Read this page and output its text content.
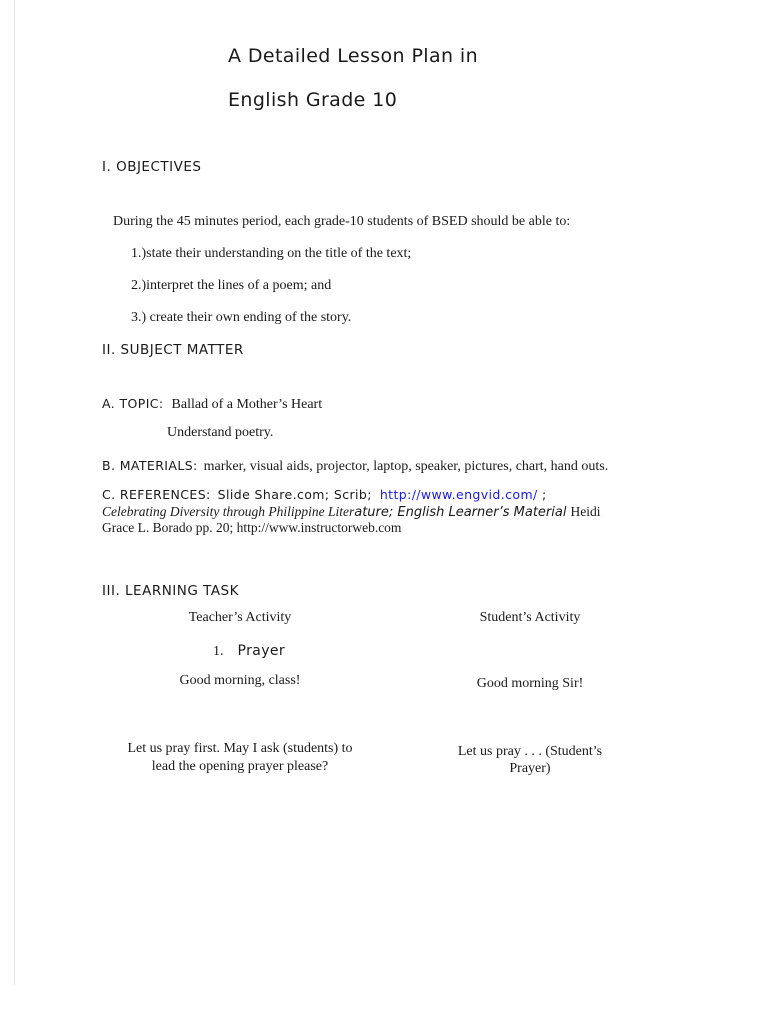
A Detailed Lesson Plan in
English Grade 10
I. OBJECTIVES
During the 45 minutes period, each grade-10 students of BSED should be able to:
1.)state their understanding on the title of the text;
2.)interpret the lines of a poem; and
3.) create their own ending of the story.
II. SUBJECT MATTER
A. TOPIC: Ballad of a Mother’s Heart
Understand poetry.
B. MATERIALS: marker, visual aids, projector, laptop, speaker, pictures, chart, hand outs.
C. REFERENCES: Slide Share.com; Scrib; http://www.engvid.com/ ;
Celebrating Diversity through Philippine Literature; English Learner’s Material Heidi
Grace L. Borado pp. 20; http://www.instructorweb.com
III. LEARNING TASK
Teacher’s Activity	Student’s Activity
1. Prayer
Good morning, class!	Good morning Sir!
Let us pray first. May I ask (students) to
lead the opening prayer please?
Let us pray . . . (Student’s
Prayer)
